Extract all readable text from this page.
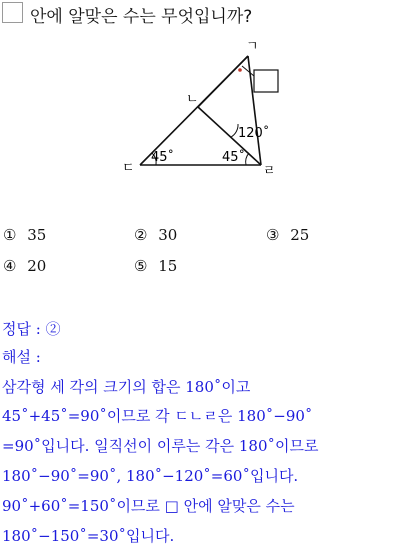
안에 알맞은 수는 무엇입니까?
ㄱ
ㄴ
ㄷ	ㄹ
120˚
45˚	45˚
① 35	② 30	③ 25
④ 20	⑤ 15
정답 : ②
해설 :
삼각형 세 각의 크기의 합은 180˚이고
45˚+45˚=90˚이므로 각 ㄷㄴㄹ은 180˚−90˚
=90˚입니다. 일직선이 이루는 각은 180˚이므로
180˚−90˚=90˚, 180˚−120˚=60˚입니다.
90˚+60˚=150˚이므로 □ 안에 알맞은 수는
180˚−150˚=30˚입니다.
